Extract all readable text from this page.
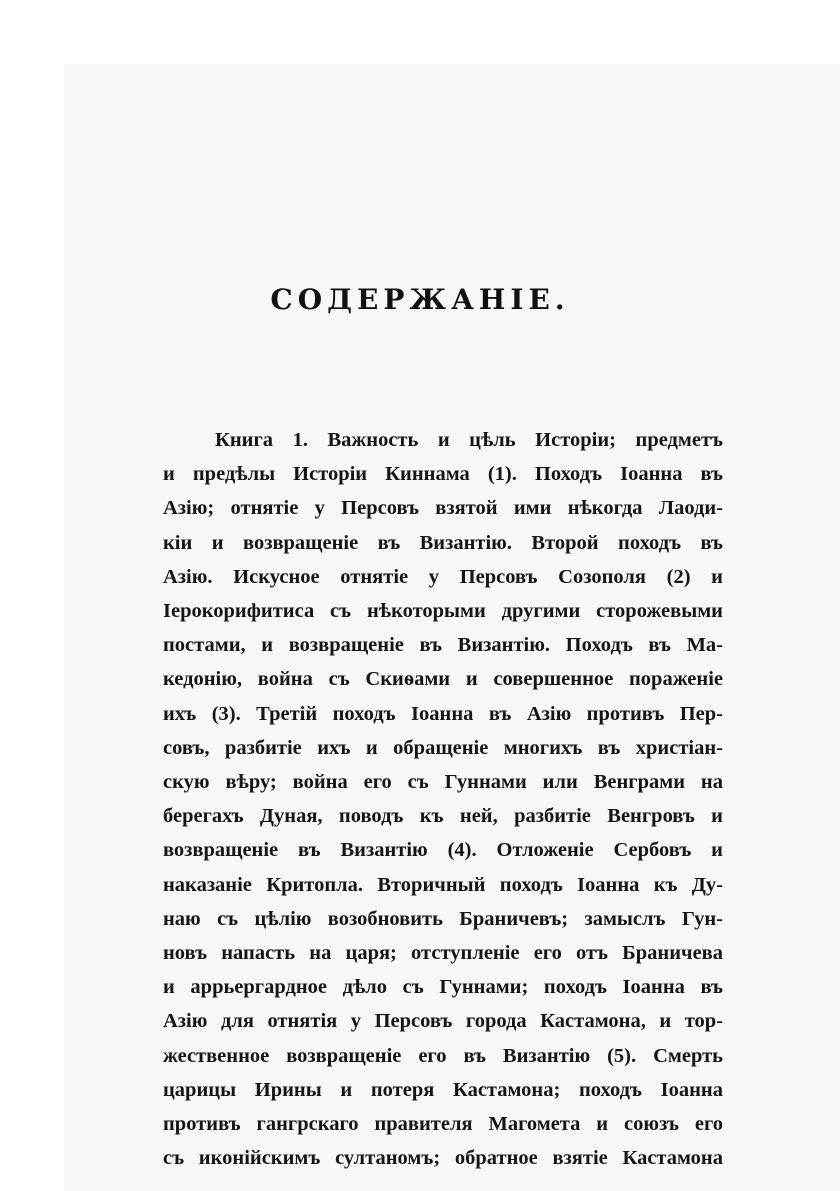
СОДЕРЖАНІЕ.
Книга 1. Важность и цѣль Исторіи; предметъ
и предѣлы Исторіи Киннама (1). Походъ Іоанна въ
Азію; отнятіе у Персовъ взятой ими нѣкогда Лаоди-
кіи и возвращеніе въ Византію. Второй походъ въ
Азію. Искусное отнятіе у Персовъ Созополя (2) и
Іерокорифитиса съ нѣкоторыми другими сторожевыми
постами, и возвращеніе въ Византію. Походъ въ Ма-
кедонію, война съ Скиѳами и совершенное пораженіе
ихъ (3). Третій походъ Іоанна въ Азію противъ Пер-
совъ, разбитіе ихъ и обращеніе многихъ въ христіан-
скую вѣру; война его съ Гуннами или Венграми на
берегахъ Дуная, поводъ къ ней, разбитіе Венгровъ и
возвращеніе въ Византію (4). Отложеніе Сербовъ и
наказаніе Критопла. Вторичный походъ Іоанна къ Ду-
наю съ цѣлію возобновить Браничевъ; замыслъ Гун-
новъ напасть на царя; отступленіе его отъ Браничева
и аррьергардное дѣло съ Гуннами; походъ Іоанна въ
Азію для отнятія у Персовъ города Кастамона, и тор-
жественное возвращеніе его въ Византію (5). Смерть
царицы Ирины и потеря Кастамона; походъ Іоанна
противъ гангрскаго правителя Магомета и союзъ его
съ иконійскимъ султаномъ; обратное взятіе Кастамона
